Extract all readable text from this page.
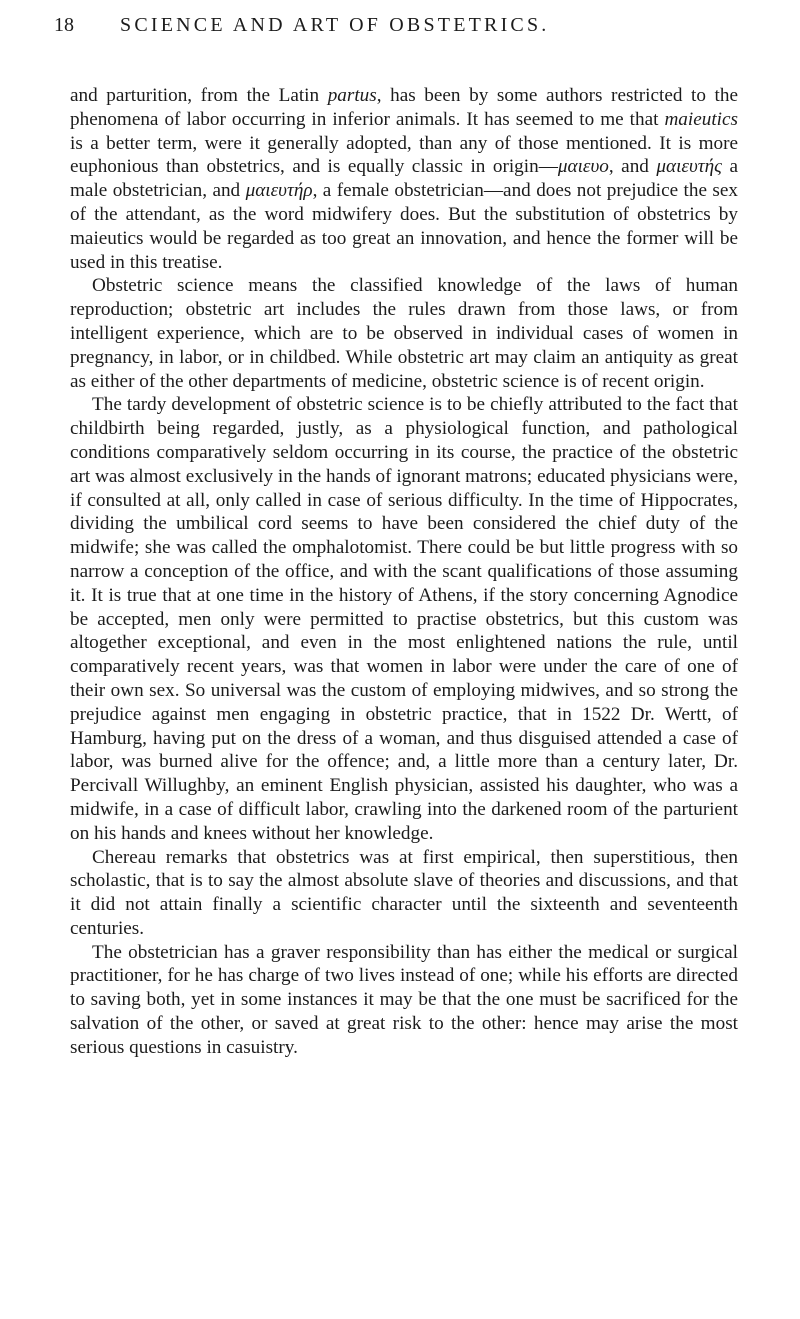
18 SCIENCE AND ART OF OBSTETRICS.

and parturition, from the Latin partus, has been by some authors restricted to the phenomena of labor occurring in inferior animals. It has seemed to me that maieutics is a better term, were it generally adopted, than any of those mentioned. It is more euphonious than obstetrics, and is equally classic in origin—μαιευο, and μαιευτής a male obstetrician, and μαιευτήρ, a female obstetrician—and does not prejudice the sex of the attendant, as the word midwifery does. But the substitution of obstetrics by maieutics would be regarded as too great an innovation, and hence the former will be used in this treatise.

Obstetric science means the classified knowledge of the laws of human reproduction; obstetric art includes the rules drawn from those laws, or from intelligent experience, which are to be observed in individual cases of women in pregnancy, in labor, or in childbed. While obstetric art may claim an antiquity as great as either of the other departments of medicine, obstetric science is of recent origin.

The tardy development of obstetric science is to be chiefly attributed to the fact that childbirth being regarded, justly, as a physiological function, and pathological conditions comparatively seldom occurring in its course, the practice of the obstetric art was almost exclusively in the hands of ignorant matrons; educated physicians were, if consulted at all, only called in case of serious difficulty. In the time of Hippocrates, dividing the umbilical cord seems to have been considered the chief duty of the midwife; she was called the omphalotomist. There could be but little progress with so narrow a conception of the office, and with the scant qualifications of those assuming it. It is true that at one time in the history of Athens, if the story concerning Agnodice be accepted, men only were permitted to practise obstetrics, but this custom was altogether exceptional, and even in the most enlightened nations the rule, until comparatively recent years, was that women in labor were under the care of one of their own sex. So universal was the custom of employing midwives, and so strong the prejudice against men engaging in obstetric practice, that in 1522 Dr. Wertt, of Hamburg, having put on the dress of a woman, and thus disguised attended a case of labor, was burned alive for the offence; and, a little more than a century later, Dr. Percivall Willughby, an eminent English physician, assisted his daughter, who was a midwife, in a case of difficult labor, crawling into the darkened room of the parturient on his hands and knees without her knowledge.

Chereau remarks that obstetrics was at first empirical, then superstitious, then scholastic, that is to say the almost absolute slave of theories and discussions, and that it did not attain finally a scientific character until the sixteenth and seventeenth centuries.

The obstetrician has a graver responsibility than has either the medical or surgical practitioner, for he has charge of two lives instead of one; while his efforts are directed to saving both, yet in some instances it may be that the one must be sacrificed for the salvation of the other, or saved at great risk to the other: hence may arise the most serious questions in casuistry.
